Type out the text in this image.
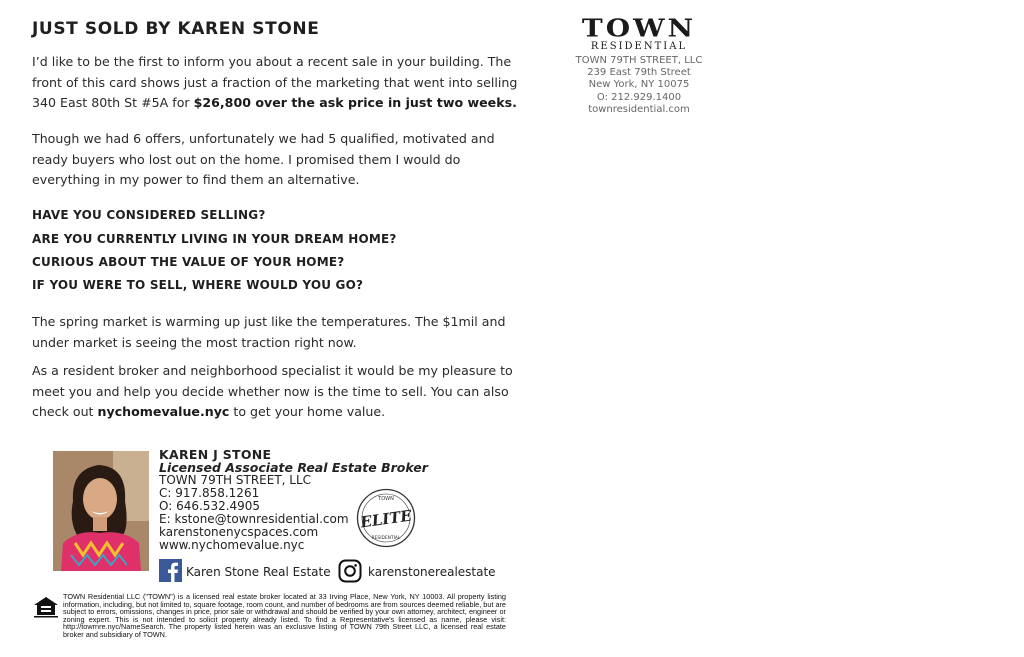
JUST SOLD BY KAREN STONE
I’d like to be the first to inform you about a recent sale in your building. The front of this card shows just a fraction of the marketing that went into selling 340 East 80th St #5A for $26,800 over the ask price in just two weeks.
Though we had 6 offers, unfortunately we had 5 qualified, motivated and ready buyers who lost out on the home. I promised them I would do everything in my power to find them an alternative.
HAVE YOU CONSIDERED SELLING?
ARE YOU CURRENTLY LIVING IN YOUR DREAM HOME?
CURIOUS ABOUT THE VALUE OF YOUR HOME?
IF YOU WERE TO SELL, WHERE WOULD YOU GO?
The spring market is warming up just like the temperatures. The $1mil and under market is seeing the most traction right now.
As a resident broker and neighborhood specialist it would be my pleasure to meet you and help you decide whether now is the time to sell. You can also check out nychomevalue.nyc to get your home value.
TOWN
RESIDENTIAL
TOWN 79TH STREET, LLC
239 East 79th Street
New York, NY 10075
O: 212.929.1400
townresidential.com
KAREN J STONE
Licensed Associate Real Estate Broker
TOWN 79TH STREET, LLC
C: 917.858.1261
O: 646.532.4905
E: kstone@townresidential.com
karenstonenycspaces.com
www.nychomevalue.nyc
TOWN
ELITE
RESIDENTIAL
Karen Stone Real Estate	karenstonerealestate
TOWN Residential LLC ("TOWN") is a licensed real estate broker located at 33 Irving Place, New York, NY 10003. All property listing information, including, but not limited to, square footage, room count, and number of bedrooms are from sources deemed reliable, but are subject to errors, omissions, changes in price, prior sale or withdrawal and should be verified by your own attorney, architect, engineer or zoning expert. This is not intended to solicit property already listed. To find a Representative's licensed as name, please visit: http://towrnre.nyc/NameSearch. The property listed herein was an exclusive listing of TOWN 79th Street LLC, a licensed real estate broker and subsidiary of TOWN.
